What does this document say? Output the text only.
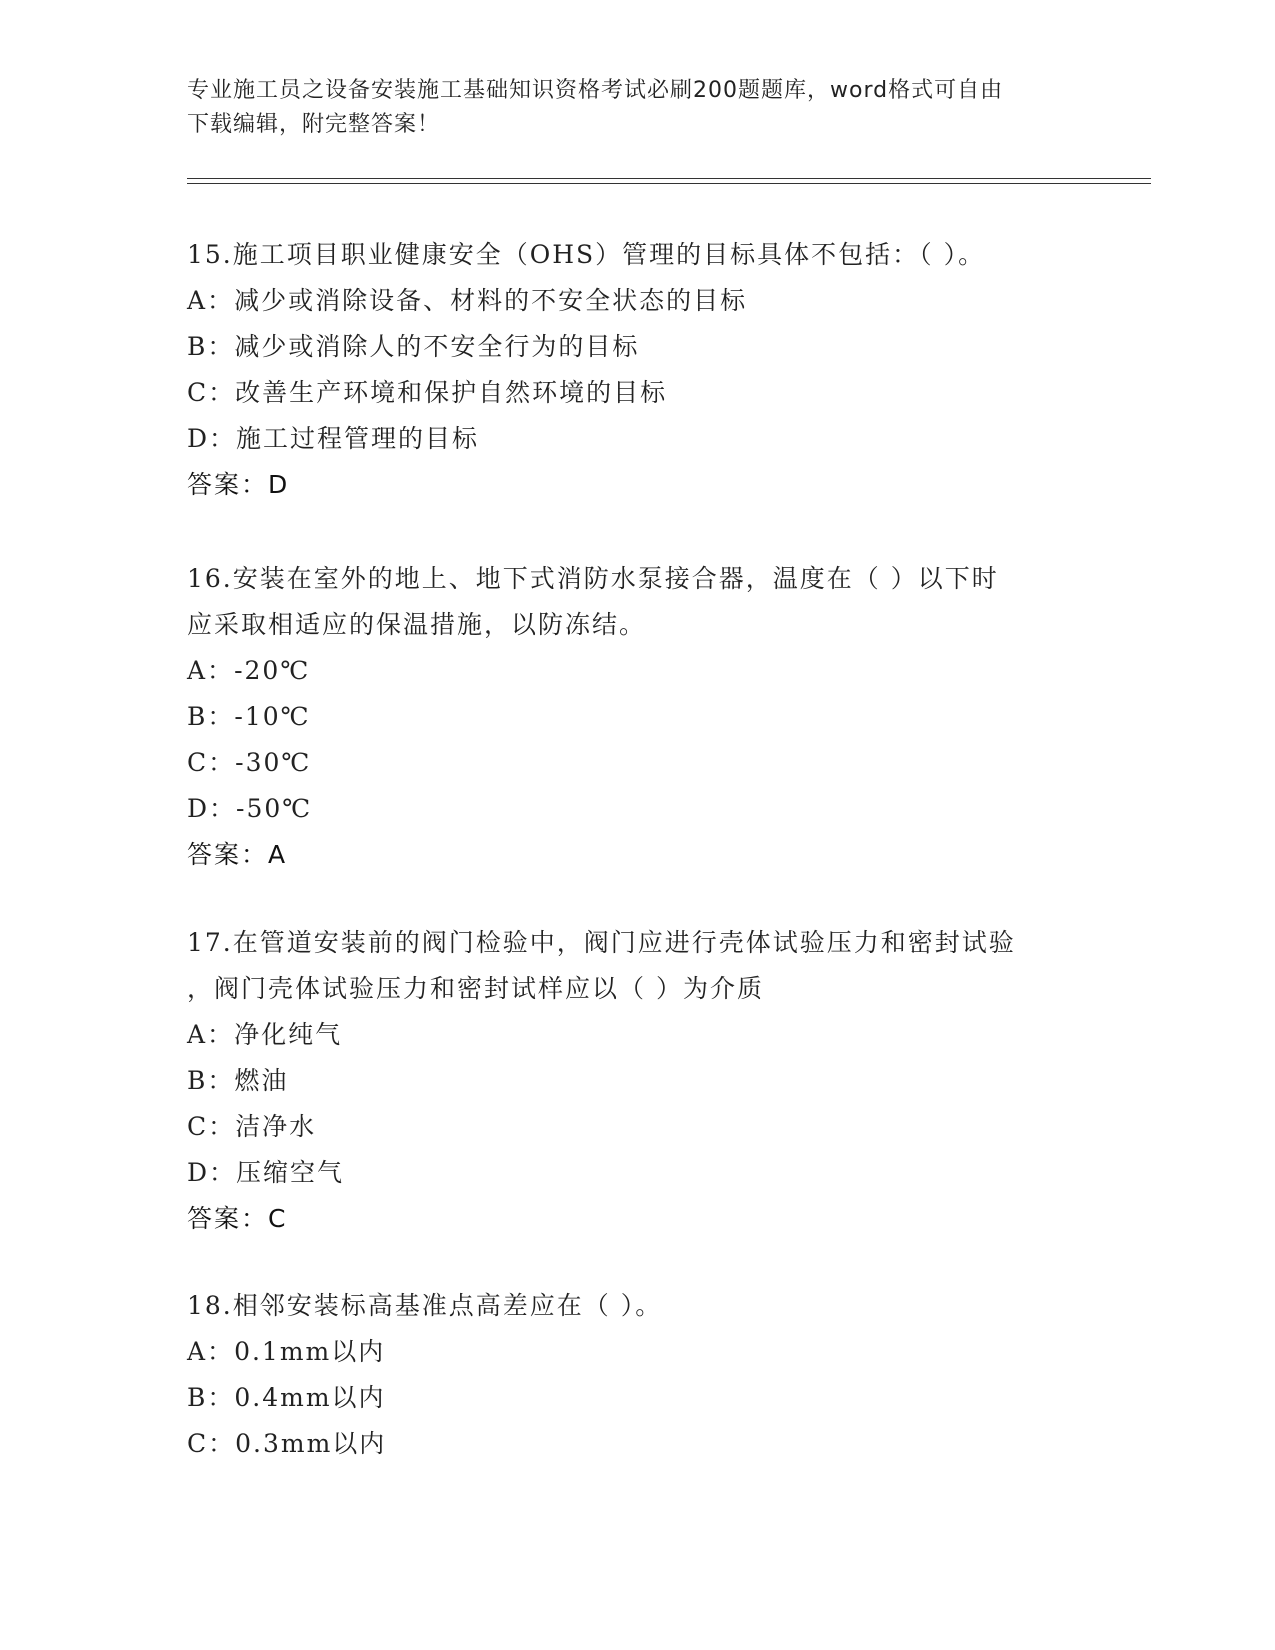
专业施工员之设备安装施工基础知识资格考试必刷200题题库，word格式可自由
下载编辑，附完整答案！
15.施工项目职业健康安全（OHS）管理的目标具体不包括：（ ）。
A：减少或消除设备、材料的不安全状态的目标
B：减少或消除人的不安全行为的目标
C：改善生产环境和保护自然环境的目标
D：施工过程管理的目标
答案：D
16.安装在室外的地上、地下式消防水泵接合器，温度在（ ）以下时
应采取相适应的保温措施，以防冻结。
A：-20℃
B：-10℃
C：-30℃
D：-50℃
答案：A
17.在管道安装前的阀门检验中，阀门应进行壳体试验压力和密封试验
，阀门壳体试验压力和密封试样应以（ ）为介质
A：净化纯气
B：燃油
C：洁净水
D：压缩空气
答案：C
18.相邻安装标高基准点高差应在（ ）。
A：0.1mm以内
B：0.4mm以内
C：0.3mm以内
